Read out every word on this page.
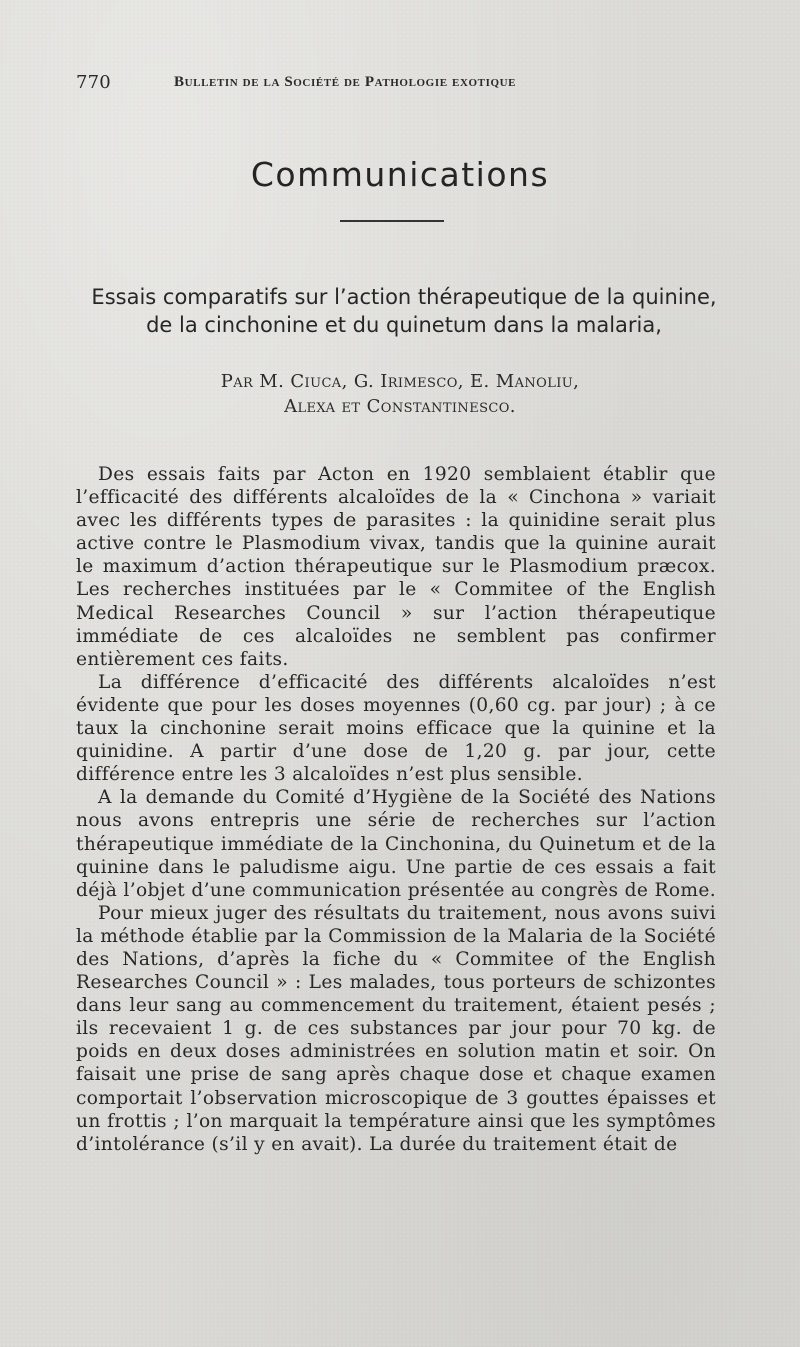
770	Bulletin de la Société de Pathologie exotique
Communications
Essais comparatifs sur l’action thérapeutique de la quinine,
de la cinchonine et du quinetum dans la malaria,
Par M. Ciuca, G. Irimesco, E. Manoliu,
Alexa et Constantinesco.

Des essais faits par Acton en 1920 semblaient établir que l’efficacité des différents alcaloïdes de la « Cinchona » variait avec les différents types de parasites : la quinidine serait plus active contre le Plasmodium vivax, tandis que la quinine aurait le maximum d’action thérapeutique sur le Plasmodium præcox. Les recherches instituées par le « Commitee of the English Medical Researches Council » sur l’action thérapeutique immédiate de ces alcaloïdes ne semblent pas confirmer entièrement ces faits.

La différence d’efficacité des différents alcaloïdes n’est évidente que pour les doses moyennes (0,60 cg. par jour) ; à ce taux la cinchonine serait moins efficace que la quinine et la quinidine. A partir d’une dose de 1,20 g. par jour, cette différence entre les 3 alcaloïdes n’est plus sensible.

A la demande du Comité d’Hygiène de la Société des Nations nous avons entrepris une série de recherches sur l’action thérapeutique immédiate de la Cinchonina, du Quinetum et de la quinine dans le paludisme aigu. Une partie de ces essais a fait déjà l’objet d’une communication présentée au congrès de Rome.

Pour mieux juger des résultats du traitement, nous avons suivi la méthode établie par la Commission de la Malaria de la Société des Nations, d’après la fiche du « Commitee of the English Researches Council » : Les malades, tous porteurs de schizontes dans leur sang au commencement du traitement, étaient pesés ; ils recevaient 1 g. de ces substances par jour pour 70 kg. de poids en deux doses administrées en solution matin et soir. On faisait une prise de sang après chaque dose et chaque examen comportait l’observation microscopique de 3 gouttes épaisses et un frottis ; l’on marquait la température ainsi que les symptômes d’intolérance (s’il y en avait). La durée du traitement était de
